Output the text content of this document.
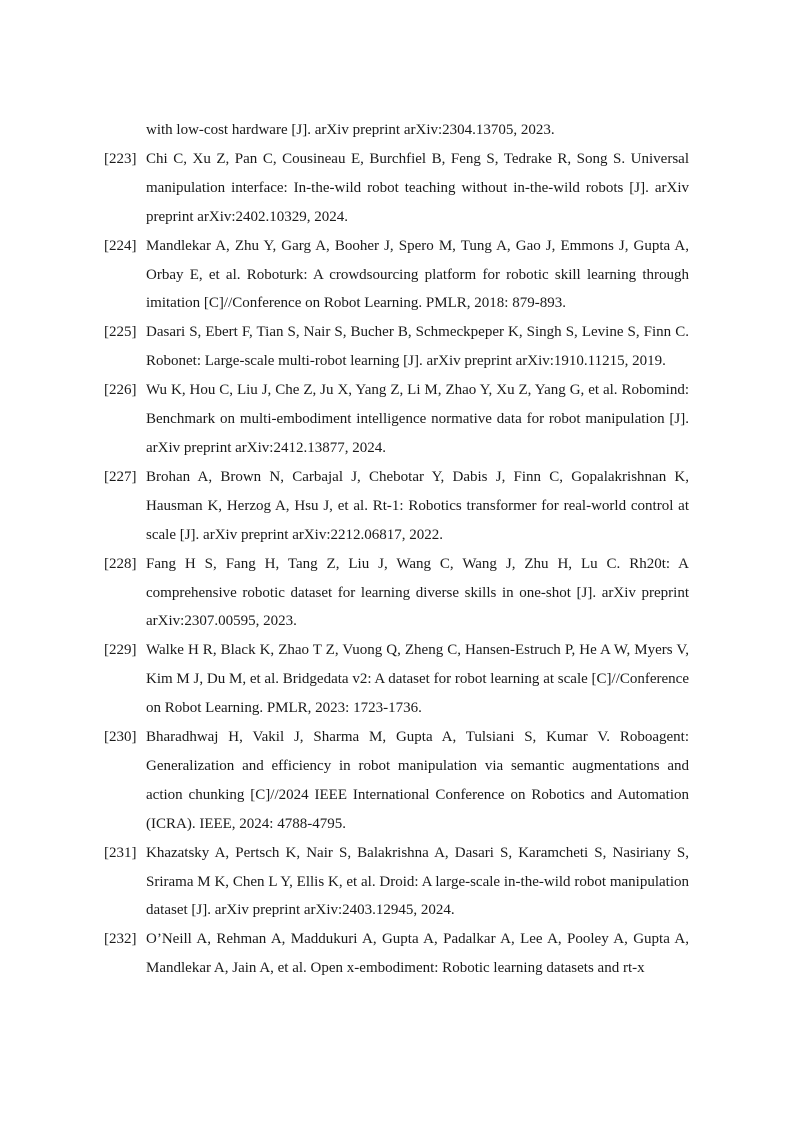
with low-cost hardware [J]. arXiv preprint arXiv:2304.13705, 2023.
[223] Chi C, Xu Z, Pan C, Cousineau E, Burchfiel B, Feng S, Tedrake R, Song S. Universal manipulation interface: In-the-wild robot teaching without in-the-wild robots [J]. arXiv preprint arXiv:2402.10329, 2024.
[224] Mandlekar A, Zhu Y, Garg A, Booher J, Spero M, Tung A, Gao J, Emmons J, Gupta A, Orbay E, et al. Roboturk: A crowdsourcing platform for robotic skill learning through imitation [C]//Conference on Robot Learning. PMLR, 2018: 879-893.
[225] Dasari S, Ebert F, Tian S, Nair S, Bucher B, Schmeckpeper K, Singh S, Levine S, Finn C. Robonet: Large-scale multi-robot learning [J]. arXiv preprint arXiv:1910.11215, 2019.
[226] Wu K, Hou C, Liu J, Che Z, Ju X, Yang Z, Li M, Zhao Y, Xu Z, Yang G, et al. Robomind: Benchmark on multi-embodiment intelligence normative data for robot manipulation [J]. arXiv preprint arXiv:2412.13877, 2024.
[227] Brohan A, Brown N, Carbajal J, Chebotar Y, Dabis J, Finn C, Gopalakrishnan K, Hausman K, Herzog A, Hsu J, et al. Rt-1: Robotics transformer for real-world control at scale [J]. arXiv preprint arXiv:2212.06817, 2022.
[228] Fang H S, Fang H, Tang Z, Liu J, Wang C, Wang J, Zhu H, Lu C. Rh20t: A comprehensive robotic dataset for learning diverse skills in one-shot [J]. arXiv preprint arXiv:2307.00595, 2023.
[229] Walke H R, Black K, Zhao T Z, Vuong Q, Zheng C, Hansen-Estruch P, He A W, Myers V, Kim M J, Du M, et al. Bridgedata v2: A dataset for robot learning at scale [C]//Conference on Robot Learning. PMLR, 2023: 1723-1736.
[230] Bharadhwaj H, Vakil J, Sharma M, Gupta A, Tulsiani S, Kumar V. Roboagent: Generalization and efficiency in robot manipulation via semantic augmentations and action chunking [C]//2024 IEEE International Conference on Robotics and Automation (ICRA). IEEE, 2024: 4788-4795.
[231] Khazatsky A, Pertsch K, Nair S, Balakrishna A, Dasari S, Karamcheti S, Nasiriany S, Srirama M K, Chen L Y, Ellis K, et al. Droid: A large-scale in-the-wild robot manipulation dataset [J]. arXiv preprint arXiv:2403.12945, 2024.
[232] O’Neill A, Rehman A, Maddukuri A, Gupta A, Padalkar A, Lee A, Pooley A, Gupta A, Mandlekar A, Jain A, et al. Open x-embodiment: Robotic learning datasets and rt-x
